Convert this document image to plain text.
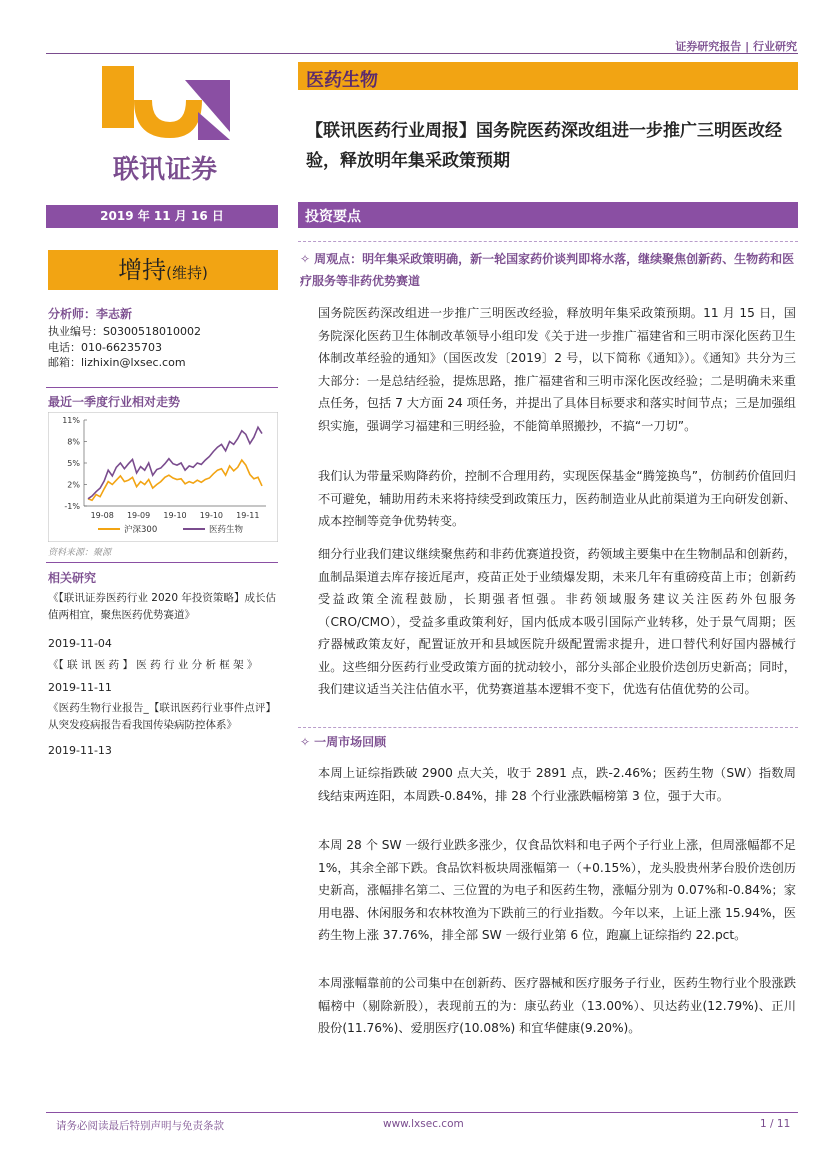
证券研究报告 | 行业研究
联讯证券
医药生物
【联讯医药行业周报】国务院医药深改组进一步推广三明医改经验，释放明年集采政策预期
2019 年 11 月 16 日	投资要点
增持(维持)
分析师：李志新
执业编号：S0300518010002
电话：010-66235703
邮箱：lizhixin@lxsec.com
最近一季度行业相对走势
11%
8%
5%
2%
-1%
19-08 19-09 19-10 19-10 19-11
沪深300	医药生物
资料来源：聚源
相关研究
《【联讯证券医药行业 2020 年投资策略】成长估值两相宜，聚焦医药优势赛道》
2019-11-04
《【 联 讯 医 药 】 医 药 行 业 分 析 框 架 》
2019-11-11
《医药生物行业报告_【联讯医药行业事件点评】从突发疫病报告看我国传染病防控体系》
2019-11-13
✧ 周观点：明年集采政策明确，新一轮国家药价谈判即将水落，继续聚焦创新药、生物药和医疗服务等非药优势赛道
国务院医药深改组进一步推广三明医改经验，释放明年集采政策预期。11 月 15 日，国务院深化医药卫生体制改革领导小组印发《关于进一步推广福建省和三明市深化医药卫生体制改革经验的通知》（国医改发〔2019〕2 号，以下简称《通知》）。《通知》共分为三大部分：一是总结经验，提炼思路，推广福建省和三明市深化医改经验；二是明确未来重点任务，包括 7 大方面 24 项任务，并提出了具体目标要求和落实时间节点；三是加强组织实施，强调学习福建和三明经验，不能简单照搬抄，不搞“一刀切”。
我们认为带量采购降药价，控制不合理用药，实现医保基金“腾笼换鸟”，仿制药价值回归不可避免，辅助用药未来将持续受到政策压力，医药制造业从此前渠道为王向研发创新、成本控制等竞争优势转变。
细分行业我们建议继续聚焦药和非药优赛道投资，药领域主要集中在生物制品和创新药，血制品渠道去库存接近尾声，疫苗正处于业绩爆发期，未来几年有重磅疫苗上市；创新药受益政策全流程鼓励，长期强者恒强。非药领域服务建议关注医药外包服务（CRO/CMO），受益多重政策利好，国内低成本吸引国际产业转移，处于景气周期；医疗器械政策友好，配置证放开和县域医院升级配置需求提升，进口替代利好国内器械行业。这些细分医药行业受政策方面的扰动较小，部分头部企业股价迭创历史新高；同时，我们建议适当关注估值水平，优势赛道基本逻辑不变下，优选有估值优势的公司。
✧ 一周市场回顾
本周上证综指跌破 2900 点大关，收于 2891 点，跌-2.46%；医药生物（SW）指数周线结束两连阳，本周跌-0.84%，排 28 个行业涨跌幅榜第 3 位，强于大市。
本周 28 个 SW 一级行业跌多涨少，仅食品饮料和电子两个子行业上涨，但周涨幅都不足 1%，其余全部下跌。食品饮料板块周涨幅第一（+0.15%），龙头股贵州茅台股价迭创历史新高，涨幅排名第二、三位置的为电子和医药生物，涨幅分别为 0.07%和-0.84%；家用电器、休闲服务和农林牧渔为下跌前三的行业指数。今年以来，上证上涨 15.94%，医药生物上涨 37.76%，排全部 SW 一级行业第 6 位，跑赢上证综指约 22.pct。
本周涨幅靠前的公司集中在创新药、医疗器械和医疗服务子行业，医药生物行业个股涨跌幅榜中（剔除新股），表现前五的为：康弘药业（13.00%）、贝达药业(12.79%)、正川股份(11.76%)、爱朋医疗(10.08%) 和宜华健康(9.20%)。
请务必阅读最后特别声明与免责条款	www.lxsec.com	1 / 11
